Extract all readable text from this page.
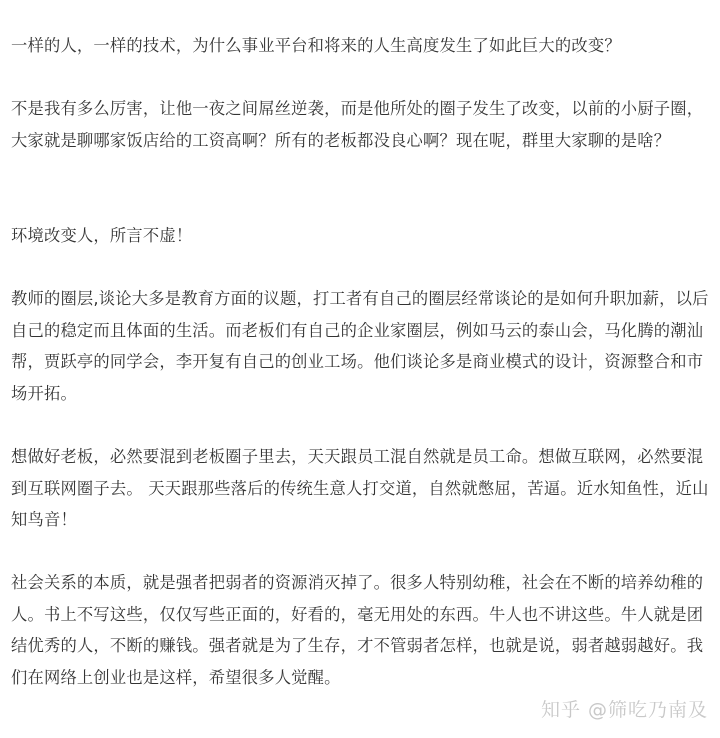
一样的人，一样的技术，为什么事业平台和将来的人生高度发生了如此巨大的改变？

不是我有多么厉害，让他一夜之间屌丝逆袭，而是他所处的圈子发生了改变，以前的小厨子圈，大家就是聊哪家饭店给的工资高啊？所有的老板都没良心啊？现在呢，群里大家聊的是啥？

环境改变人，所言不虚！

教师的圈层,谈论大多是教育方面的议题，打工者有自己的圈层经常谈论的是如何升职加薪，以后自己的稳定而且体面的生活。而老板们有自己的企业家圈层，例如马云的泰山会，马化腾的潮汕帮，贾跃亭的同学会，李开复有自己的创业工场。他们谈论多是商业模式的设计，资源整合和市场开拓。

想做好老板，必然要混到老板圈子里去，天天跟员工混自然就是员工命。想做互联网，必然要混到互联网圈子去。 天天跟那些落后的传统生意人打交道，自然就憋屈，苦逼。近水知鱼性，近山知鸟音！

社会关系的本质，就是强者把弱者的资源消灭掉了。很多人特别幼稚，社会在不断的培养幼稚的人。书上不写这些，仅仅写些正面的，好看的，毫无用处的东西。牛人也不讲这些。牛人就是团结优秀的人，不断的赚钱。强者就是为了生存，才不管弱者怎样，也就是说，弱者越弱越好。我们在网络上创业也是这样，希望很多人觉醒。

知乎 @筛吃乃南及
